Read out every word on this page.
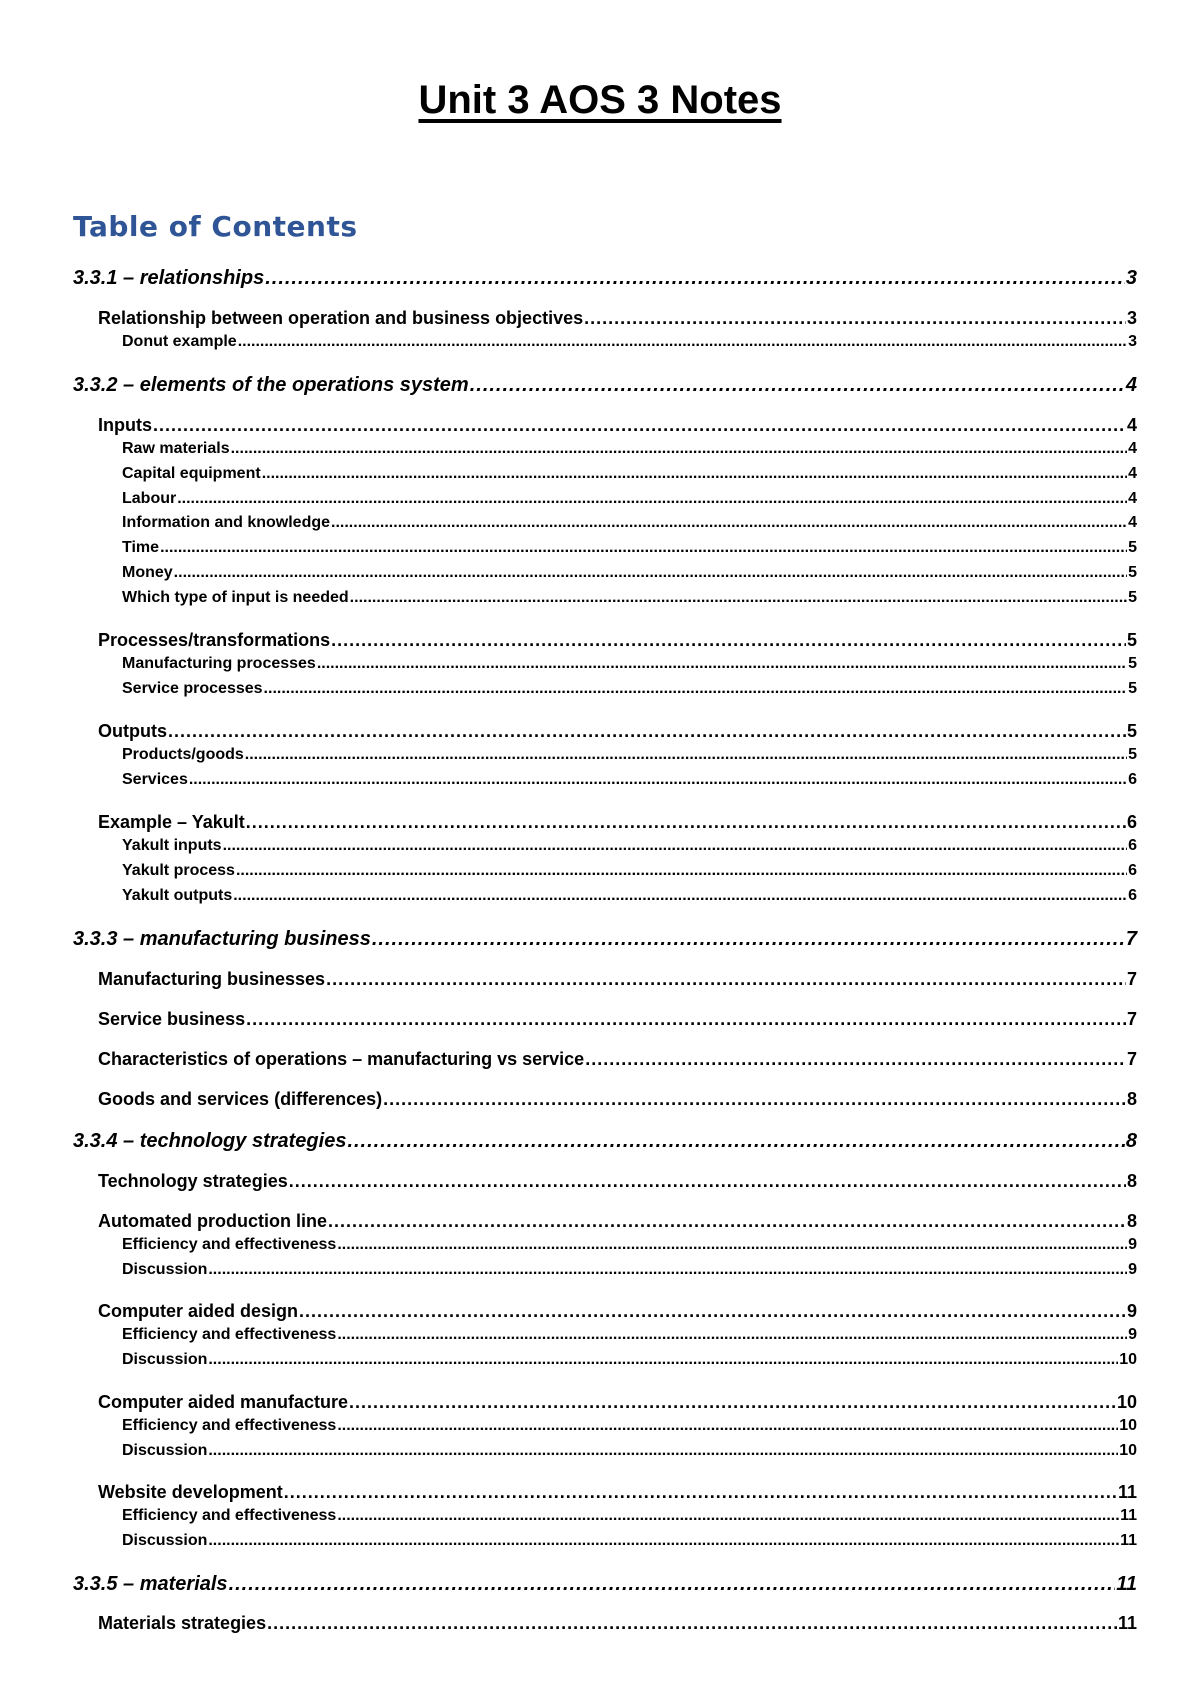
Unit 3 AOS 3 Notes
Table of Contents
3.3.1 – relationships .....	3
Relationship between operation and business objectives .....	3
Donut example .....	3
3.3.2 – elements of the operations system .....	4
Inputs .....	4
Raw materials .....	4
Capital equipment .....	4
Labour .....	4
Information and knowledge .....	4
Time .....	5
Money .....	5
Which type of input is needed .....	5
Processes/transformations .....	5
Manufacturing processes .....	5
Service processes .....	5
Outputs .....	5
Products/goods .....	5
Services .....	6
Example – Yakult .....	6
Yakult inputs .....	6
Yakult process .....	6
Yakult outputs .....	6
3.3.3 – manufacturing business .....	7
Manufacturing businesses .....	7
Service business .....	7
Characteristics of operations – manufacturing vs service .....	7
Goods and services (differences) .....	8
3.3.4 – technology strategies .....	8
Technology strategies .....	8
Automated production line .....	8
Efficiency and effectiveness .....	9
Discussion .....	9
Computer aided design .....	9
Efficiency and effectiveness .....	9
Discussion .....	10
Computer aided manufacture .....	10
Efficiency and effectiveness .....	10
Discussion .....	10
Website development .....	11
Efficiency and effectiveness .....	11
Discussion .....	11
3.3.5 – materials .....	11
Materials strategies .....	11
